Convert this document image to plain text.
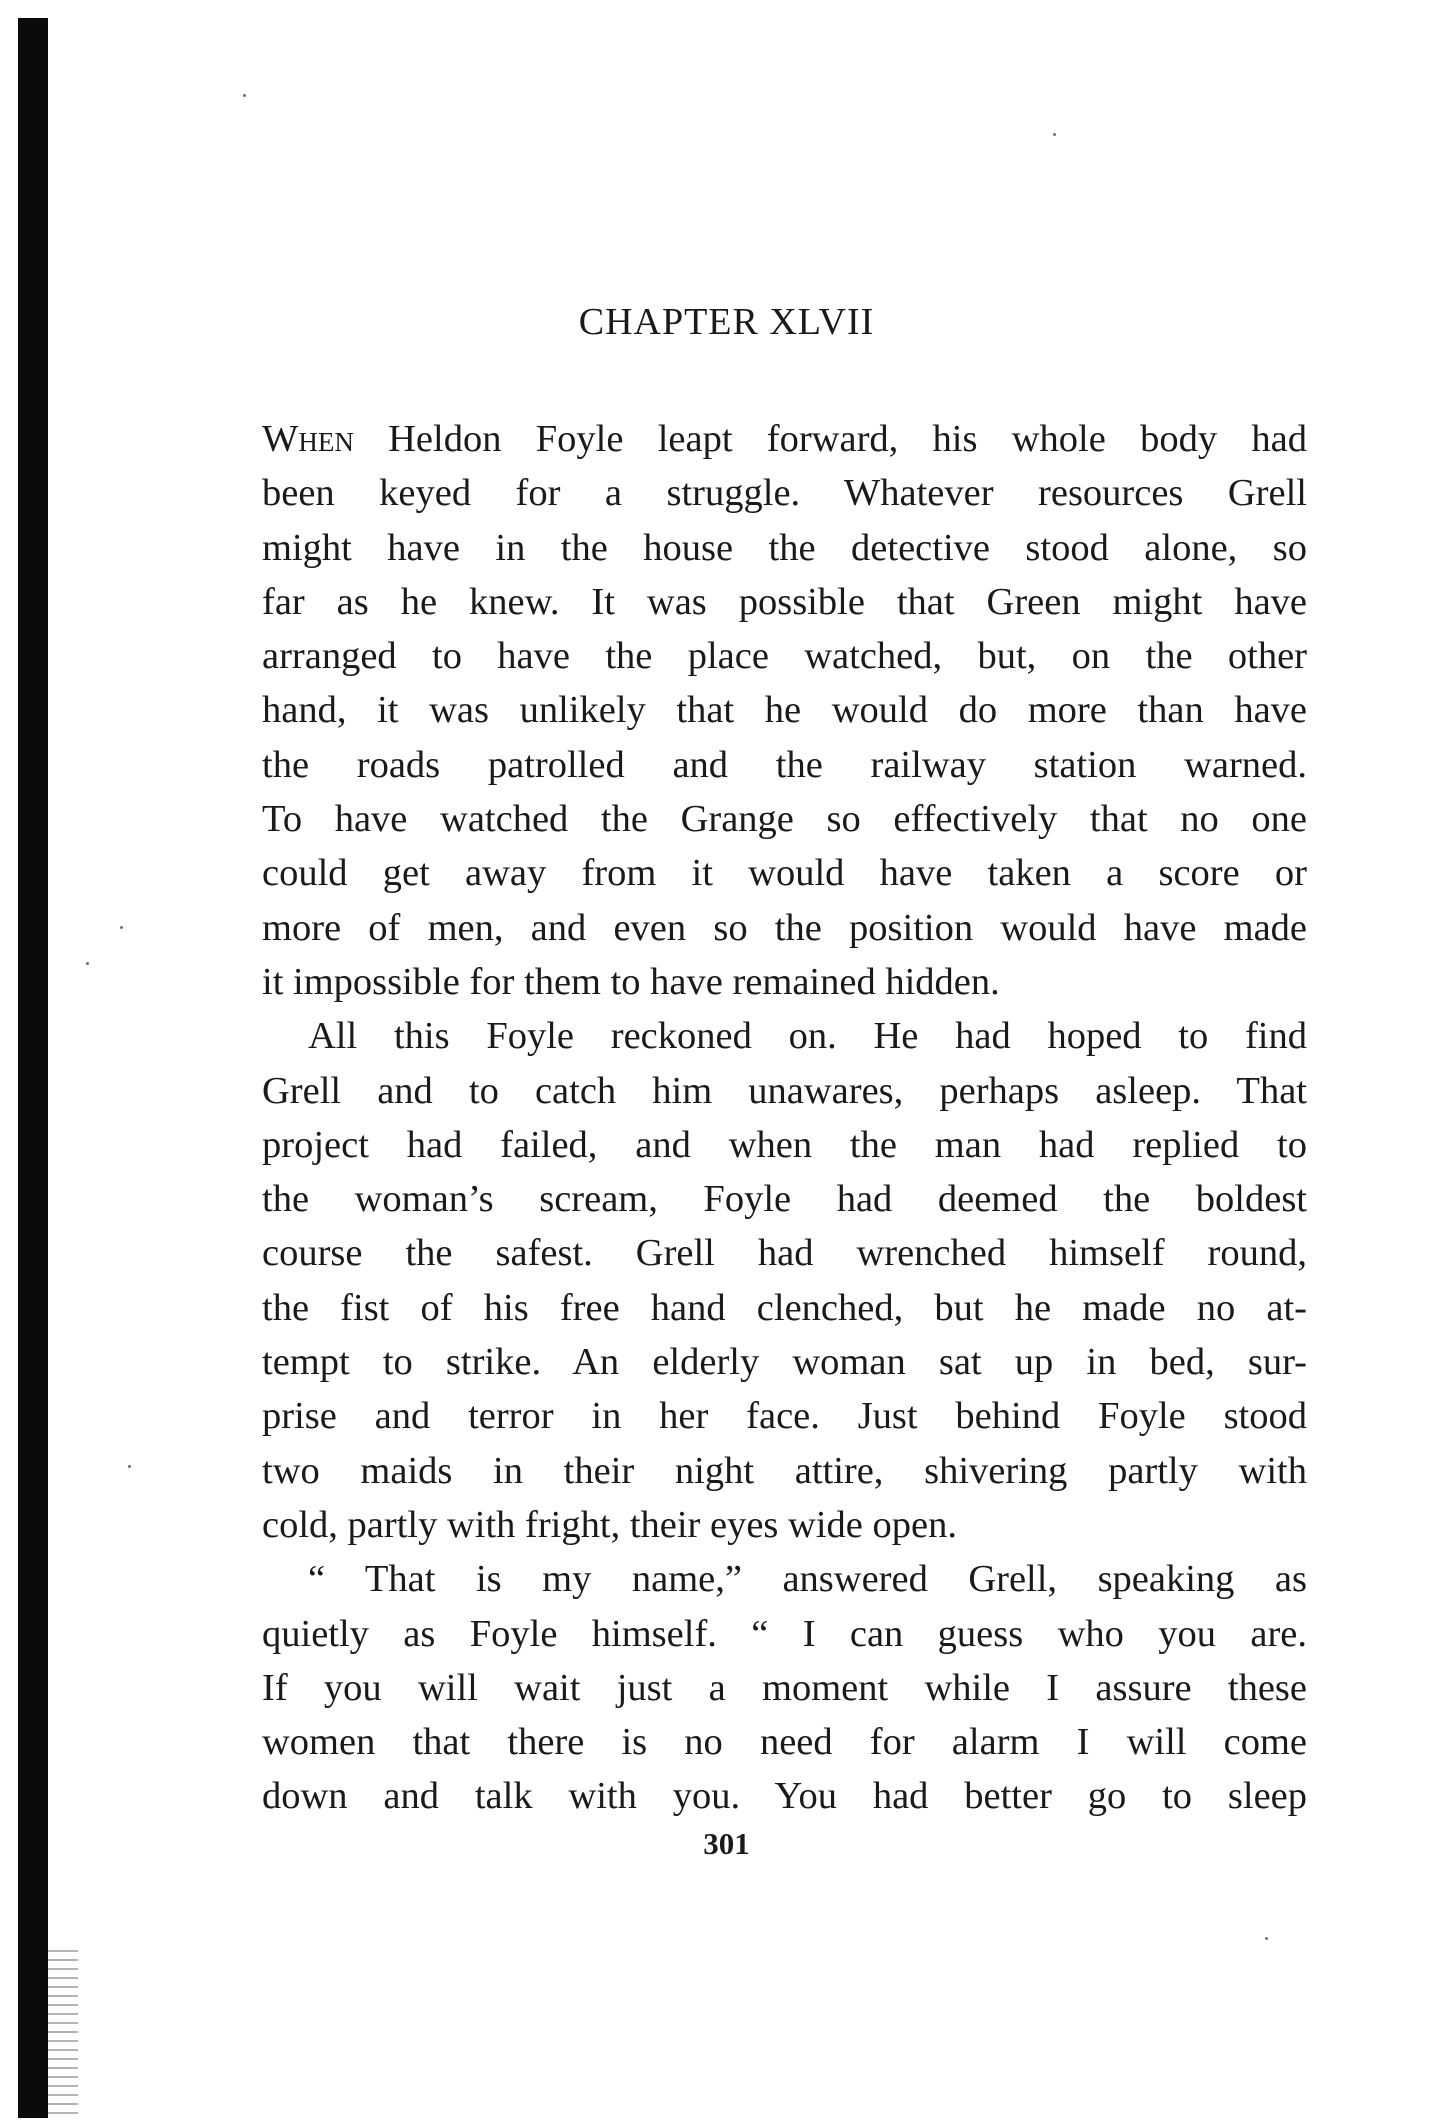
CHAPTER XLVII
When Heldon Foyle leapt forward, his whole body had
been keyed for a struggle. Whatever resources Grell
might have in the house the detective stood alone, so
far as he knew. It was possible that Green might have
arranged to have the place watched, but, on the other
hand, it was unlikely that he would do more than have
the roads patrolled and the railway station warned.
To have watched the Grange so effectively that no one
could get away from it would have taken a score or
more of men, and even so the position would have made
it impossible for them to have remained hidden.
All this Foyle reckoned on. He had hoped to find
Grell and to catch him unawares, perhaps asleep. That
project had failed, and when the man had replied to
the woman’s scream, Foyle had deemed the boldest
course the safest. Grell had wrenched himself round,
the fist of his free hand clenched, but he made no at-
tempt to strike. An elderly woman sat up in bed, sur-
prise and terror in her face. Just behind Foyle stood
two maids in their night attire, shivering partly with
cold, partly with fright, their eyes wide open.
“ That is my name,” answered Grell, speaking as
quietly as Foyle himself. “ I can guess who you are.
If you will wait just a moment while I assure these
women that there is no need for alarm I will come
down and talk with you. You had better go to sleep
301
